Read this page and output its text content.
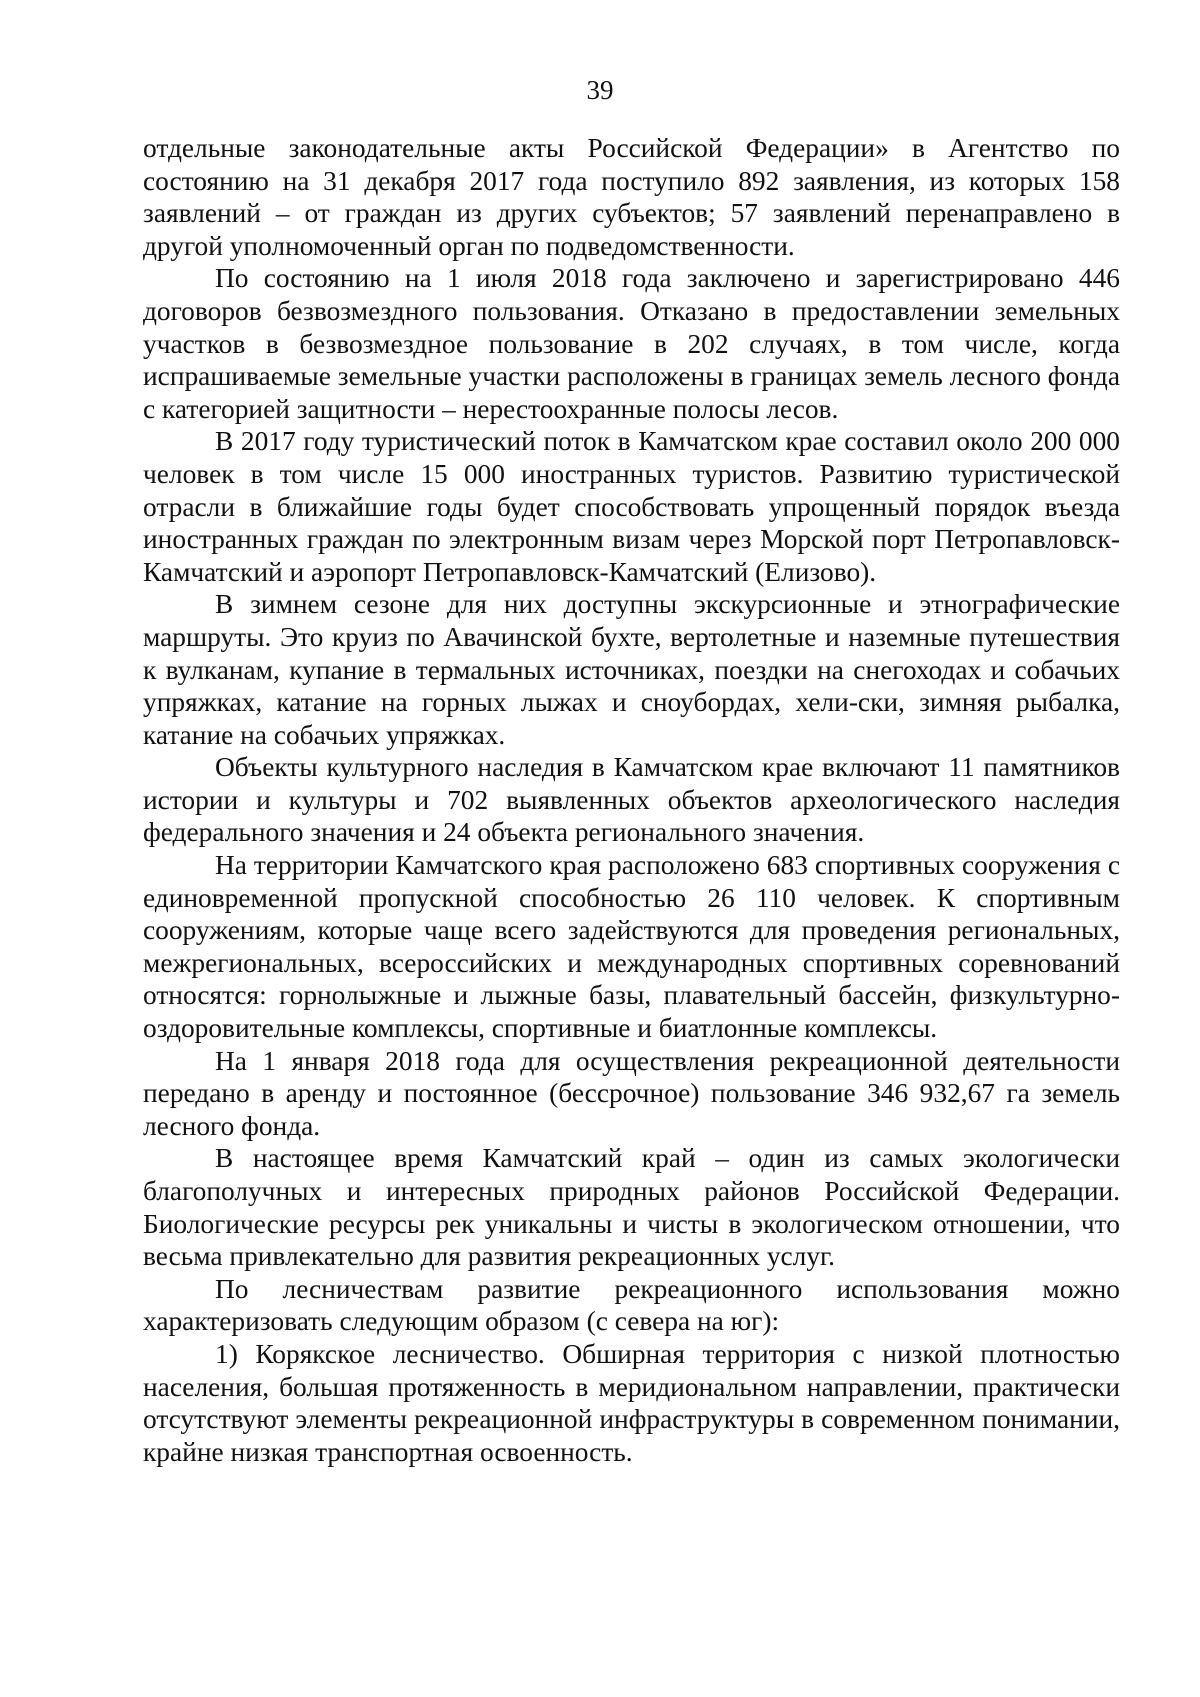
39

отдельные законодательные акты Российской Федерации» в Агентство по состоянию на 31 декабря 2017 года поступило 892 заявления, из которых 158 заявлений – от граждан из других субъектов; 57 заявлений перенаправлено в другой уполномоченный орган по подведомственности.

По состоянию на 1 июля 2018 года заключено и зарегистрировано 446 договоров безвозмездного пользования. Отказано в предоставлении земельных участков в безвозмездное пользование в 202 случаях, в том числе, когда испрашиваемые земельные участки расположены в границах земель лесного фонда с категорией защитности – нерестоохранные полосы лесов.

В 2017 году туристический поток в Камчатском крае составил около 200 000 человек в том числе 15 000 иностранных туристов. Развитию туристической отрасли в ближайшие годы будет способствовать упрощенный порядок въезда иностранных граждан по электронным визам через Морской порт Петропавловск-Камчатский и аэропорт Петропавловск-Камчатский (Елизово).

В зимнем сезоне для них доступны экскурсионные и этнографические маршруты. Это круиз по Авачинской бухте, вертолетные и наземные путешествия к вулканам, купание в термальных источниках, поездки на снегоходах и собачьих упряжках, катание на горных лыжах и сноубордах, хели-ски, зимняя рыбалка, катание на собачьих упряжках.

Объекты культурного наследия в Камчатском крае включают 11 памятников истории и культуры и 702 выявленных объектов археологического наследия федерального значения и 24 объекта регионального значения.

На территории Камчатского края расположено 683 спортивных сооружения с единовременной пропускной способностью 26 110 человек. К спортивным сооружениям, которые чаще всего задействуются для проведения региональных, межрегиональных, всероссийских и международных спортивных соревнований относятся: горнолыжные и лыжные базы, плавательный бассейн, физкультурно-оздоровительные комплексы, спортивные и биатлонные комплексы.

На 1 января 2018 года для осуществления рекреационной деятельности передано в аренду и постоянное (бессрочное) пользование 346 932,67 га земель лесного фонда.

В настоящее время Камчатский край – один из самых экологически благополучных и интересных природных районов Российской Федерации. Биологические ресурсы рек уникальны и чисты в экологическом отношении, что весьма привлекательно для развития рекреационных услуг.

По лесничествам развитие рекреационного использования можно характеризовать следующим образом (с севера на юг):

1) Корякское лесничество. Обширная территория с низкой плотностью населения, большая протяженность в меридиональном направлении, практически отсутствуют элементы рекреационной инфраструктуры в современном понимании, крайне низкая транспортная освоенность.
